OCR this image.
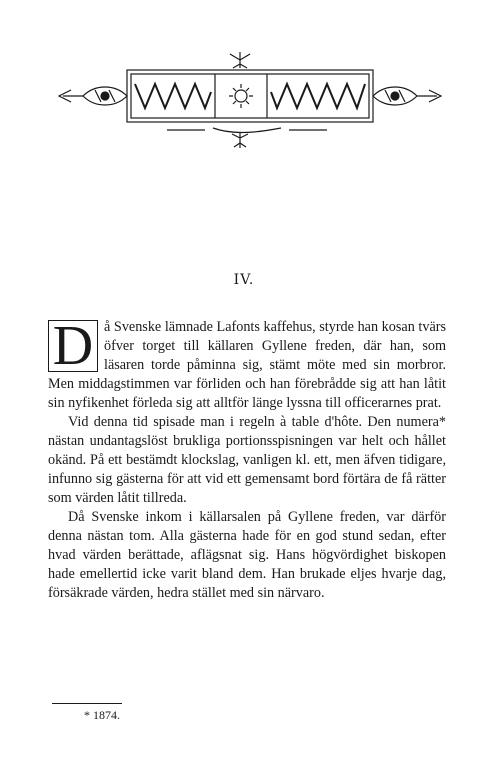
IV.
D å Svenske lämnade Lafonts kaffehus, styrde han kosan tvärs öfver torget till källaren Gyllene freden, där han, som läsaren torde påminna sig, stämt möte med sin morbror. Men middagstimmen var förliden och han förebrådde sig att han låtit sin nyfikenhet förleda sig att alltför länge lyssna till officerarnes prat.

Vid denna tid spisade man i regeln à table d'hôte. Den numera* nästan undantagslöst brukliga portionsspisningen var helt och hållet okänd. På ett bestämdt klockslag, vanligen kl. ett, men äfven tidigare, infunno sig gästerna för att vid ett gemensamt bord förtära de få rätter som värden låtit tillreda.

Då Svenske inkom i källarsalen på Gyllene freden, var därför denna nästan tom. Alla gästerna hade för en god stund sedan, efter hvad värden berättade, aflägsnat sig. Hans högvördighet biskopen hade emellertid icke varit bland dem. Han brukade eljes hvarje dag, försäkrade värden, hedra stället med sin närvaro.

* 1874.
